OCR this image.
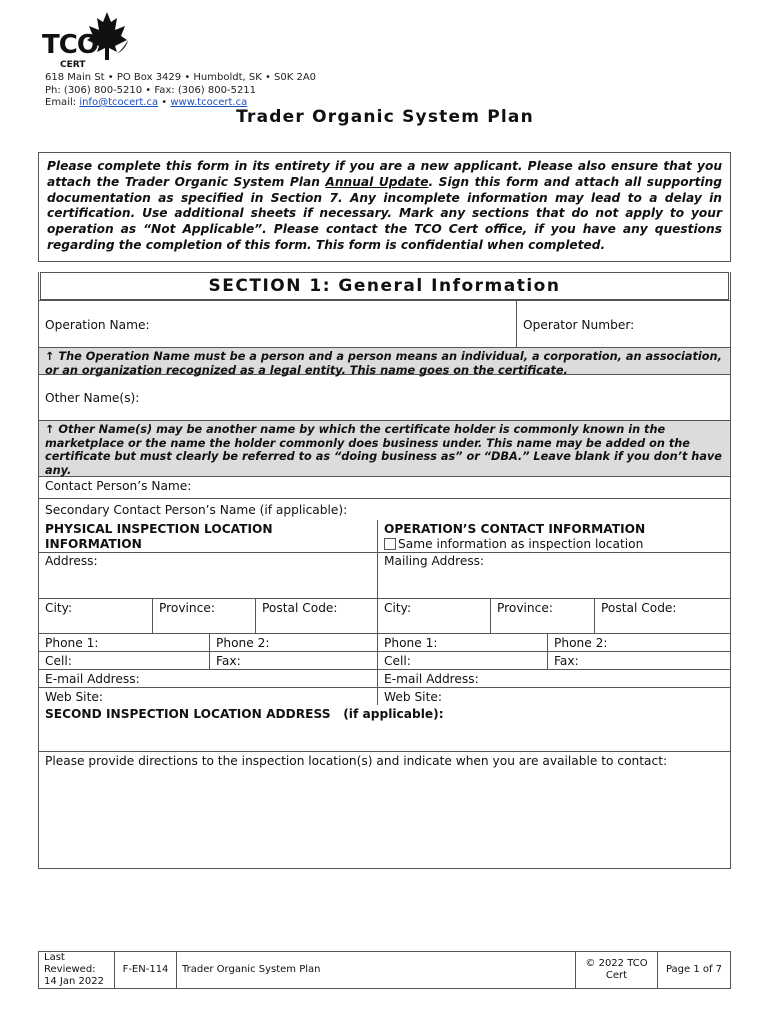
TCO
CERT
618 Main St • PO Box 3429 • Humboldt, SK • S0K 2A0
Ph: (306) 800-5210 • Fax: (306) 800-5211
Email: info@tcocert.ca • www.tcocert.ca
Trader Organic System Plan
Please complete this form in its entirety if you are a new applicant. Please also ensure that you attach the Trader Organic System Plan Annual Update. Sign this form and attach all supporting documentation as specified in Section 7. Any incomplete information may lead to a delay in certification. Use additional sheets if necessary. Mark any sections that do not apply to your operation as “Not Applicable”. Please contact the TCO Cert office, if you have any questions regarding the completion of this form. This form is confidential when completed.
SECTION 1: General Information
Operation Name:	Operator Number:
↑ The Operation Name must be a person and a person means an individual, a corporation, an association, or an organization recognized as a legal entity. This name goes on the certificate.
Other Name(s):
↑ Other Name(s) may be another name by which the certificate holder is commonly known in the marketplace or the name the holder commonly does business under. This name may be added on the certificate but must clearly be referred to as “doing business as” or “DBA.” Leave blank if you don’t have any.
Contact Person’s Name:
Secondary Contact Person’s Name (if applicable):
PHYSICAL INSPECTION LOCATION INFORMATION
Address:
OPERATION’S CONTACT INFORMATION
Same information as inspection location
Mailing Address:
City:	Province:	Postal Code:	City:	Province:	Postal Code:
Phone 1:	Phone 2:	Phone 1:	Phone 2:
Cell:	Fax:	Cell:	Fax:
E-mail Address:	E-mail Address:
Web Site:	Web Site:
SECOND INSPECTION LOCATION ADDRESS (if applicable):
Please provide directions to the inspection location(s) and indicate when you are available to contact:
Last Reviewed: 14 Jan 2022
F-EN-114	Trader Organic System Plan
© 2022 TCO Cert
Page 1 of 7
